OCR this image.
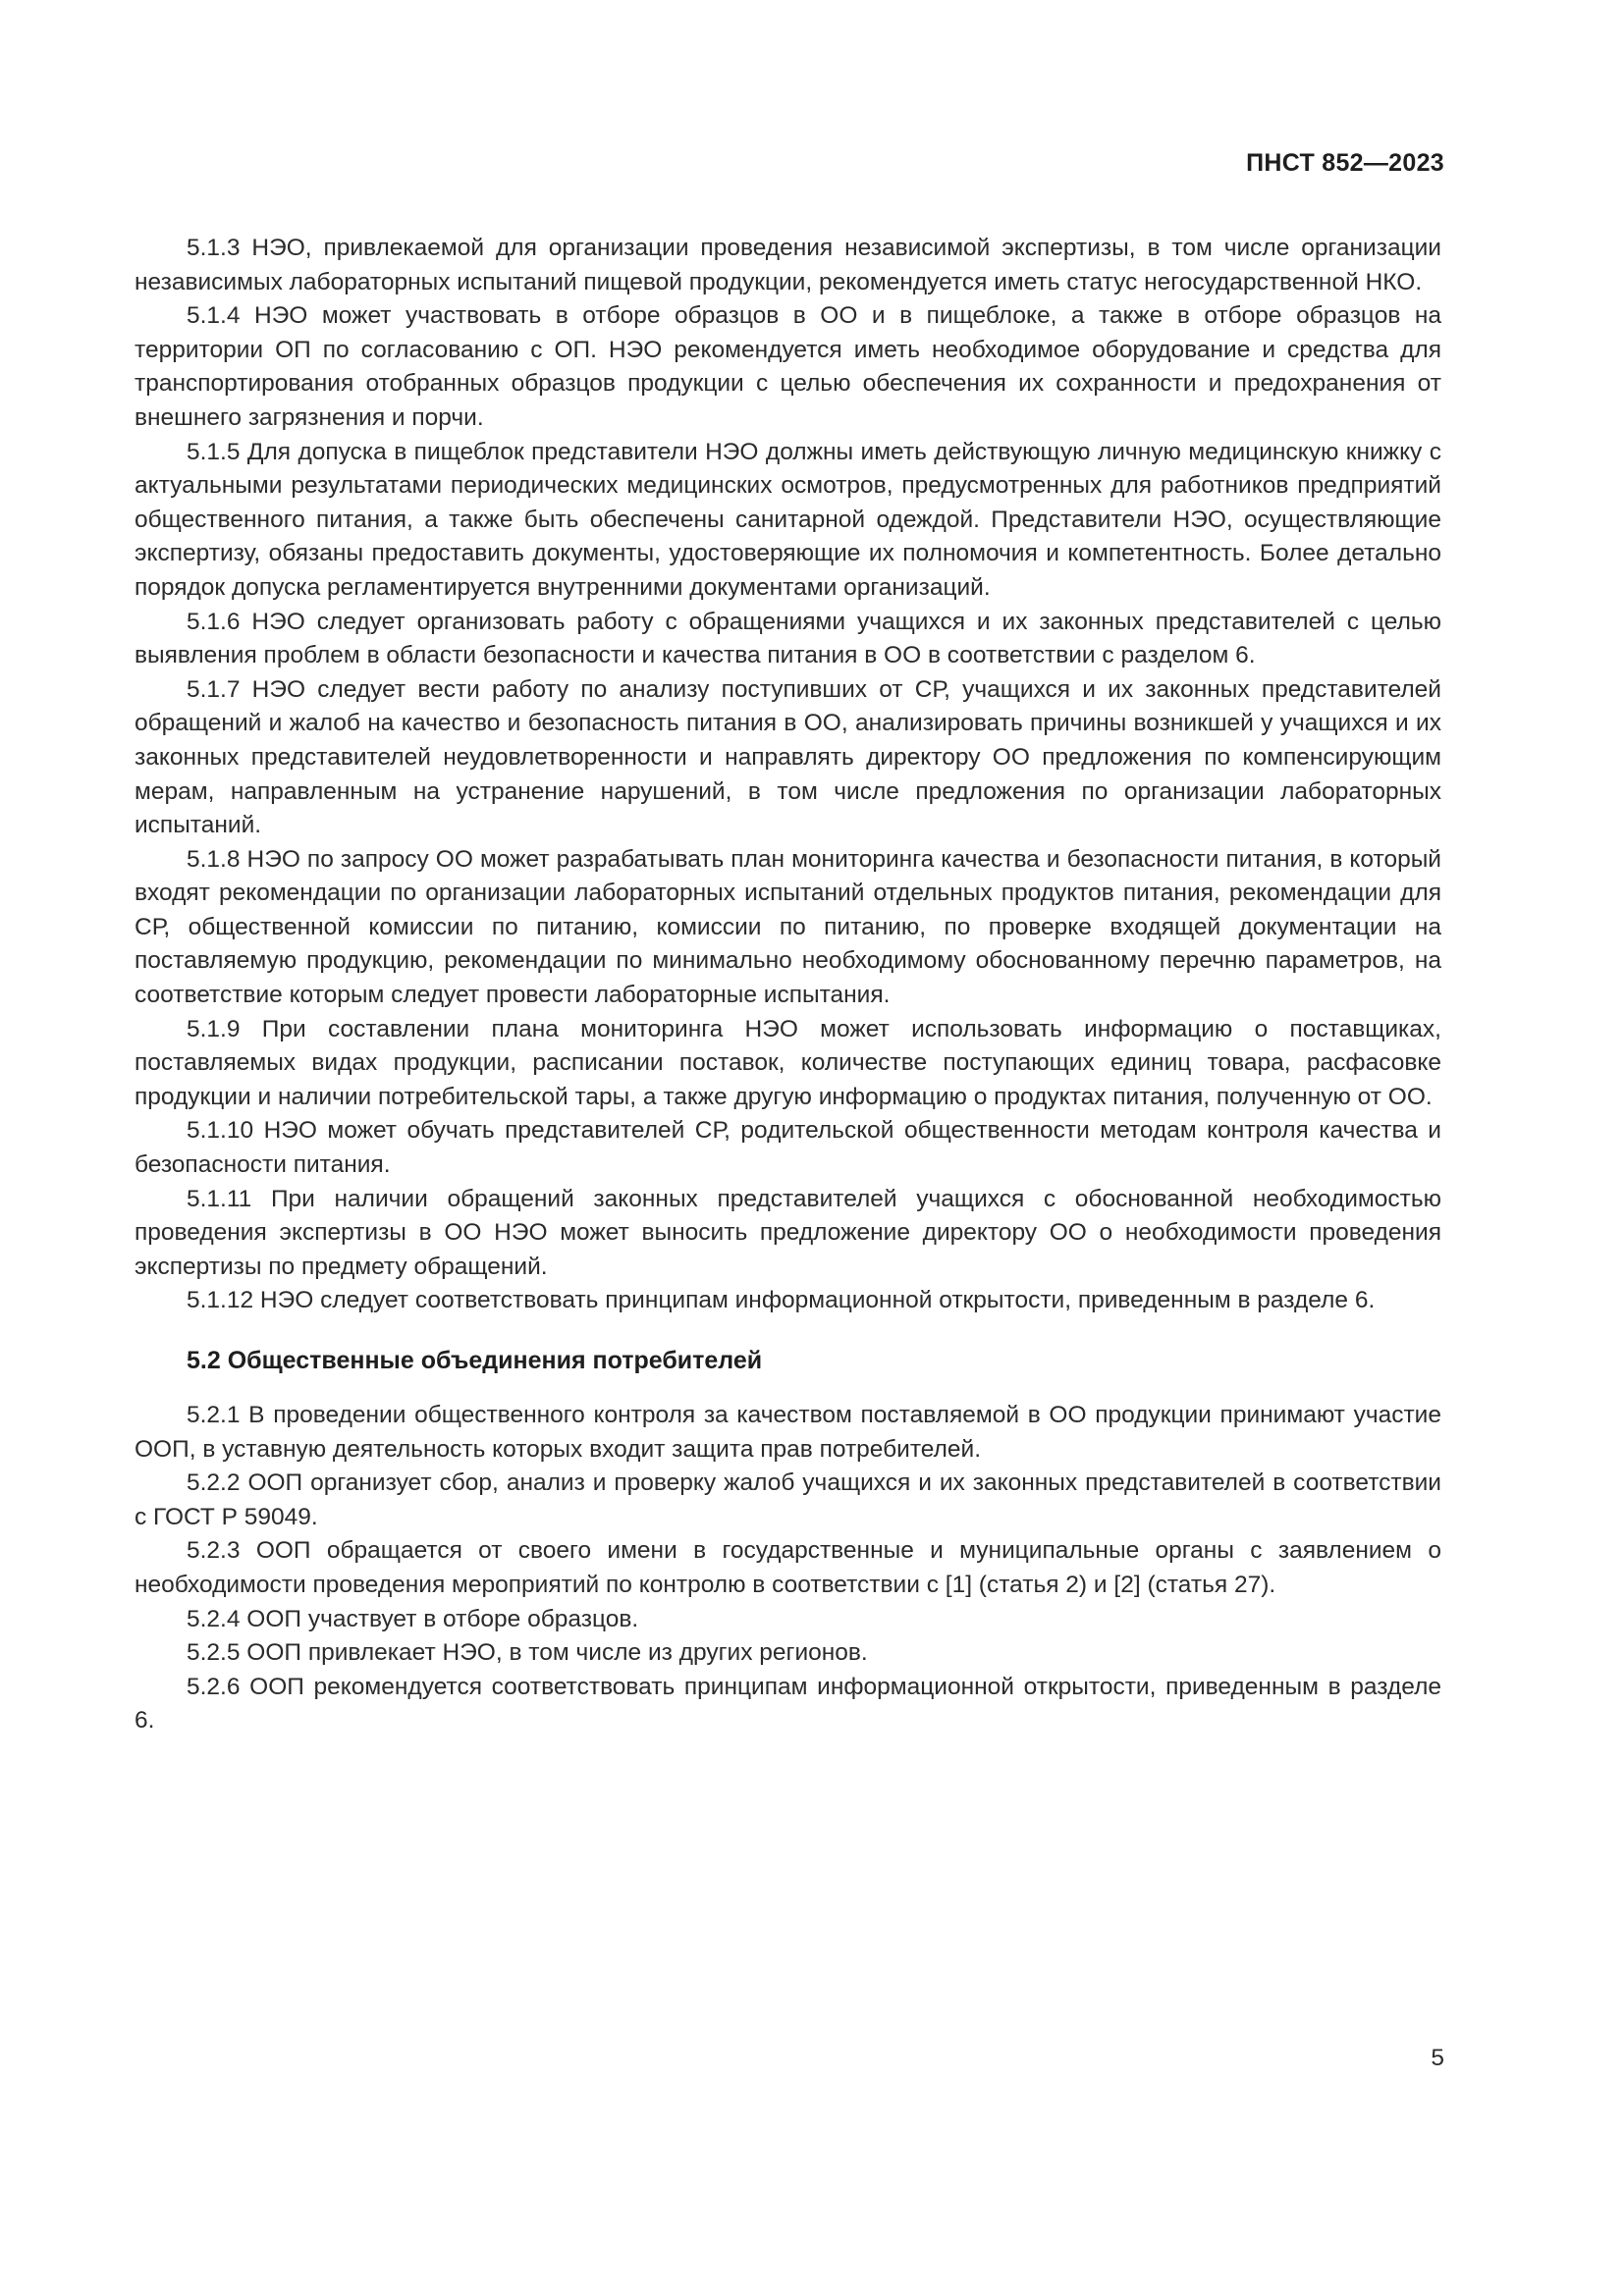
ПНСТ 852—2023

5.1.3 НЭО, привлекаемой для организации проведения независимой экспертизы, в том числе организации независимых лабораторных испытаний пищевой продукции, рекомендуется иметь статус негосударственной НКО.

5.1.4 НЭО может участвовать в отборе образцов в ОО и в пищеблоке, а также в отборе образцов на территории ОП по согласованию с ОП. НЭО рекомендуется иметь необходимое оборудование и средства для транспортирования отобранных образцов продукции с целью обеспечения их сохранности и предохранения от внешнего загрязнения и порчи.

5.1.5 Для допуска в пищеблок представители НЭО должны иметь действующую личную медицинскую книжку с актуальными результатами периодических медицинских осмотров, предусмотренных для работников предприятий общественного питания, а также быть обеспечены санитарной одеждой. Представители НЭО, осуществляющие экспертизу, обязаны предоставить документы, удостоверяющие их полномочия и компетентность. Более детально порядок допуска регламентируется внутренними документами организаций.

5.1.6 НЭО следует организовать работу с обращениями учащихся и их законных представителей с целью выявления проблем в области безопасности и качества питания в ОО в соответствии с разделом 6.

5.1.7 НЭО следует вести работу по анализу поступивших от СР, учащихся и их законных представителей обращений и жалоб на качество и безопасность питания в ОО, анализировать причины возникшей у учащихся и их законных представителей неудовлетворенности и направлять директору ОО предложения по компенсирующим мерам, направленным на устранение нарушений, в том числе предложения по организации лабораторных испытаний.

5.1.8 НЭО по запросу ОО может разрабатывать план мониторинга качества и безопасности питания, в который входят рекомендации по организации лабораторных испытаний отдельных продуктов питания, рекомендации для СР, общественной комиссии по питанию, комиссии по питанию, по проверке входящей документации на поставляемую продукцию, рекомендации по минимально необходимому обоснованному перечню параметров, на соответствие которым следует провести лабораторные испытания.

5.1.9 При составлении плана мониторинга НЭО может использовать информацию о поставщиках, поставляемых видах продукции, расписании поставок, количестве поступающих единиц товара, расфасовке продукции и наличии потребительской тары, а также другую информацию о продуктах питания, полученную от ОО.

5.1.10 НЭО может обучать представителей СР, родительской общественности методам контроля качества и безопасности питания.

5.1.11 При наличии обращений законных представителей учащихся с обоснованной необходимостью проведения экспертизы в ОО НЭО может выносить предложение директору ОО о необходимости проведения экспертизы по предмету обращений.

5.1.12 НЭО следует соответствовать принципам информационной открытости, приведенным в разделе 6.

5.2 Общественные объединения потребителей

5.2.1 В проведении общественного контроля за качеством поставляемой в ОО продукции принимают участие ООП, в уставную деятельность которых входит защита прав потребителей.

5.2.2 ООП организует сбор, анализ и проверку жалоб учащихся и их законных представителей в соответствии с ГОСТ Р 59049.

5.2.3 ООП обращается от своего имени в государственные и муниципальные органы с заявлением о необходимости проведения мероприятий по контролю в соответствии с [1] (статья 2) и [2] (статья 27).

5.2.4 ООП участвует в отборе образцов.

5.2.5 ООП привлекает НЭО, в том числе из других регионов.

5.2.6 ООП рекомендуется соответствовать принципам информационной открытости, приведенным в разделе 6.

5
